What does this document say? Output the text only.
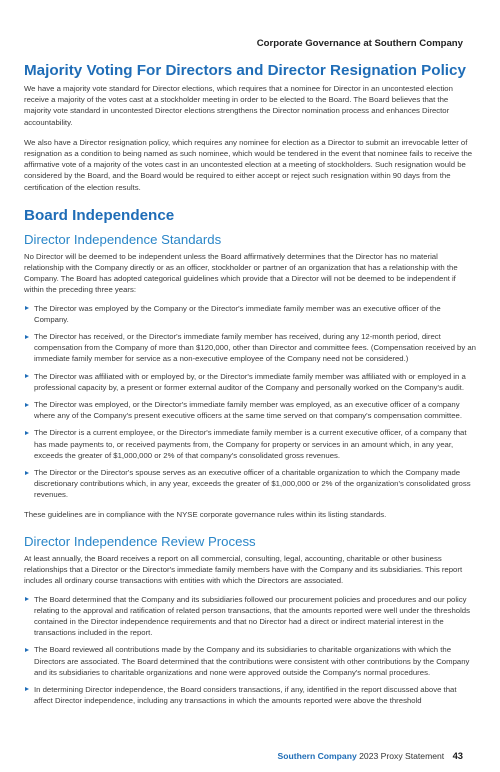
Corporate Governance at Southern Company
Majority Voting For Directors and Director Resignation Policy

We have a majority vote standard for Director elections, which requires that a nominee for Director in an uncontested election receive a majority of the votes cast at a stockholder meeting in order to be elected to the Board. The Board believes that the majority vote standard in uncontested Director elections strengthens the Director nomination process and enhances Director accountability.

We also have a Director resignation policy, which requires any nominee for election as a Director to submit an irrevocable letter of resignation as a condition to being named as such nominee, which would be tendered in the event that nominee fails to receive the affirmative vote of a majority of the votes cast in an uncontested election at a meeting of stockholders. Such resignation would be considered by the Board, and the Board would be required to either accept or reject such resignation within 90 days from the certification of the election results.

Board Independence
Director Independence Standards

No Director will be deemed to be independent unless the Board affirmatively determines that the Director has no material relationship with the Company directly or as an officer, stockholder or partner of an organization that has a relationship with the Company. The Board has adopted categorical guidelines which provide that a Director will not be deemed to be independent if within the preceding three years:

The Director was employed by the Company or the Director's immediate family member was an executive officer of the Company.
The Director has received, or the Director's immediate family member has received, during any 12-month period, direct compensation from the Company of more than $120,000, other than Director and committee fees. (Compensation received by an immediate family member for service as a non-executive employee of the Company need not be considered.)
The Director was affiliated with or employed by, or the Director's immediate family member was affiliated with or employed in a professional capacity by, a present or former external auditor of the Company and personally worked on the Company's audit.
The Director was employed, or the Director's immediate family member was employed, as an executive officer of a company where any of the Company's present executive officers at the same time served on that company's compensation committee.
The Director is a current employee, or the Director's immediate family member is a current executive officer, of a company that has made payments to, or received payments from, the Company for property or services in an amount which, in any year, exceeds the greater of $1,000,000 or 2% of that company's consolidated gross revenues.
The Director or the Director's spouse serves as an executive officer of a charitable organization to which the Company made discretionary contributions which, in any year, exceeds the greater of $1,000,000 or 2% of the organization's consolidated gross revenues.

These guidelines are in compliance with the NYSE corporate governance rules within its listing standards.

Director Independence Review Process

At least annually, the Board receives a report on all commercial, consulting, legal, accounting, charitable or other business relationships that a Director or the Director's immediate family members have with the Company and its subsidiaries. This report includes all ordinary course transactions with entities with which the Directors are associated.

The Board determined that the Company and its subsidiaries followed our procurement policies and procedures and our policy relating to the approval and ratification of related person transactions, that the amounts reported were well under the thresholds contained in the Director independence requirements and that no Director had a direct or indirect material interest in the transactions included in the report.
The Board reviewed all contributions made by the Company and its subsidiaries to charitable organizations with which the Directors are associated. The Board determined that the contributions were consistent with other contributions by the Company and its subsidiaries to charitable organizations and none were approved outside the Company's normal procedures.
In determining Director independence, the Board considers transactions, if any, identified in the report discussed above that affect Director independence, including any transactions in which the amounts reported were above the threshold
Southern Company 2023 Proxy Statement 43
